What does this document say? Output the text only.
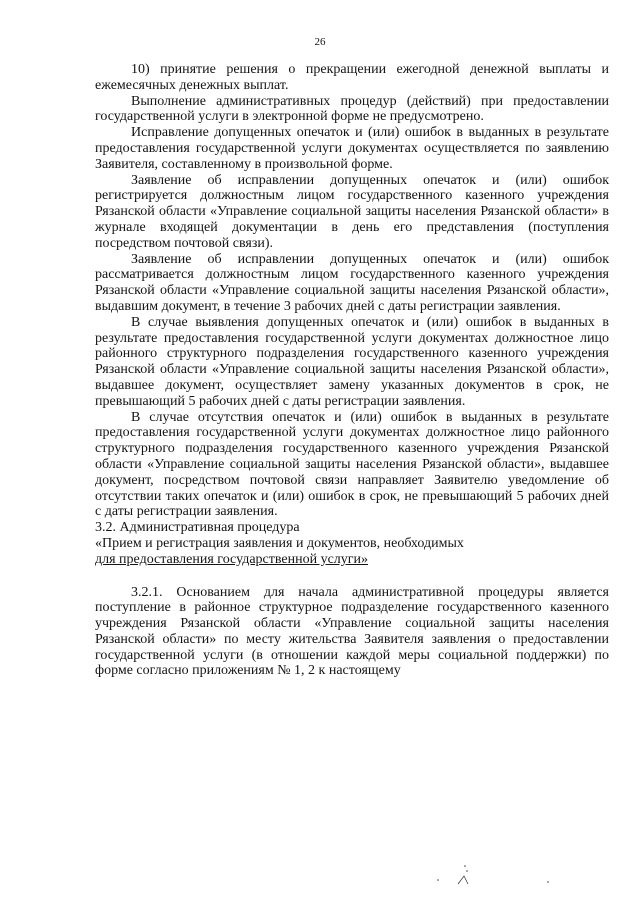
26

10) принятие решения о прекращении ежегодной денежной выплаты и ежемесячных денежных выплат.

Выполнение административных процедур (действий) при предоставлении государственной услуги в электронной форме не предусмотрено.

Исправление допущенных опечаток и (или) ошибок в выданных в результате предоставления государственной услуги документах осуществляется по заявлению Заявителя, составленному в произвольной форме.

Заявление об исправлении допущенных опечаток и (или) ошибок регистрируется должностным лицом государственного казенного учреждения Рязанской области «Управление социальной защиты населения Рязанской области» в журнале входящей документации в день его представления (поступления посредством почтовой связи).

Заявление об исправлении допущенных опечаток и (или) ошибок рассматривается должностным лицом государственного казенного учреждения Рязанской области «Управление социальной защиты населения Рязанской области», выдавшим документ, в течение 3 рабочих дней с даты регистрации заявления.

В случае выявления допущенных опечаток и (или) ошибок в выданных в результате предоставления государственной услуги документах должностное лицо районного структурного подразделения государственного казенного учреждения Рязанской области «Управление социальной защиты населения Рязанской области», выдавшее документ, осуществляет замену указанных документов в срок, не превышающий 5 рабочих дней с даты регистрации заявления.

В случае отсутствия опечаток и (или) ошибок в выданных в результате предоставления государственной услуги документах должностное лицо районного структурного подразделения государственного казенного учреждения Рязанской области «Управление социальной защиты населения Рязанской области», выдавшее документ, посредством почтовой связи направляет Заявителю уведомление об отсутствии таких опечаток и (или) ошибок в срок, не превышающий 5 рабочих дней с даты регистрации заявления.

3.2. Административная процедура

«Прием и регистрация заявления и документов, необходимых

для предоставления государственной услуги»

3.2.1. Основанием для начала административной процедуры является поступление в районное структурное подразделение государственного казенного учреждения Рязанской области «Управление социальной защиты населения Рязанской области» по месту жительства Заявителя заявления о предоставлении государственной услуги (в отношении каждой меры социальной поддержки) по форме согласно приложениям № 1, 2 к настоящему
